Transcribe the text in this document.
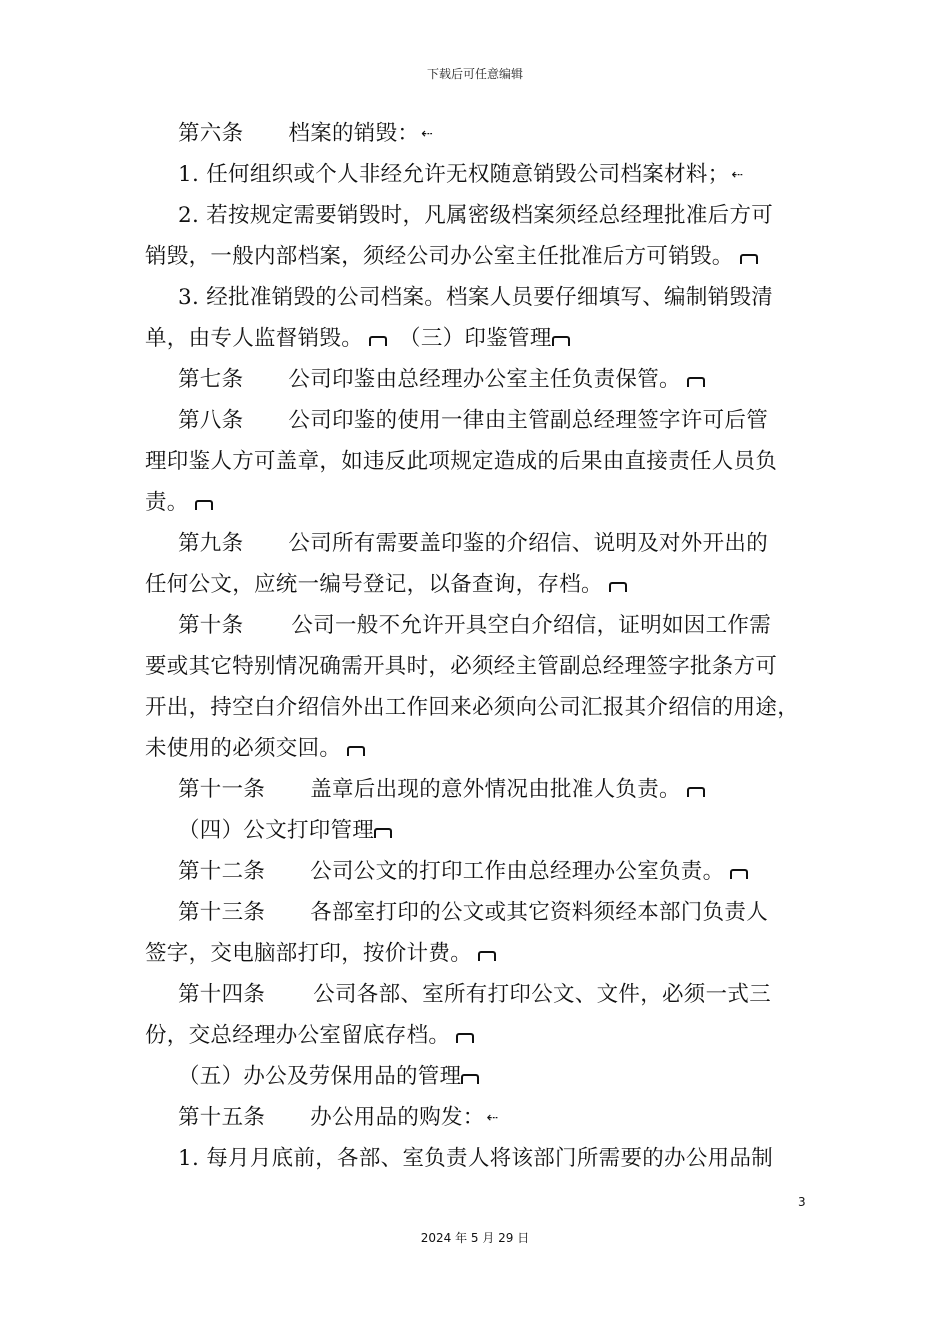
下载后可任意编辑
第六条 档案的销毁： ⇠
1. 任何组织或个人非经允许无权随意销毁公司档案材料； ⇠
2. 若按规定需要销毁时，凡属密级档案须经总经理批准后方可
销毁，一般内部档案，须经公司办公室主任批准后方可销毁。
3. 经批准销毁的公司档案。档案人员要仔细填写、编制销毁清
单，由专人监督销毁。 （三）印鉴管理
第七条 公司印鉴由总经理办公室主任负责保管。
第八条 公司印鉴的使用一律由主管副总经理签字许可后管
理印鉴人方可盖章，如违反此项规定造成的后果由直接责任人员负
责。
第九条 公司所有需要盖印鉴的介绍信、说明及对外开出的
任何公文，应统一编号登记，以备查询，存档。
第十条 公司一般不允许开具空白介绍信，证明如因工作需
要或其它特别情况确需开具时，必须经主管副总经理签字批条方可
开出，持空白介绍信外出工作回来必须向公司汇报其介绍信的用途，
未使用的必须交回。
第十一条 盖章后出现的意外情况由批准人负责。
（四）公文打印管理
第十二条 公司公文的打印工作由总经理办公室负责。
第十三条 各部室打印的公文或其它资料须经本部门负责人
签字，交电脑部打印，按价计费。
第十四条 公司各部、室所有打印公文、文件，必须一式三
份，交总经理办公室留底存档。
（五）办公及劳保用品的管理
第十五条 办公用品的购发： ⇠
1. 每月月底前，各部、室负责人将该部门所需要的办公用品制
3
2024 年 5 月 29 日
